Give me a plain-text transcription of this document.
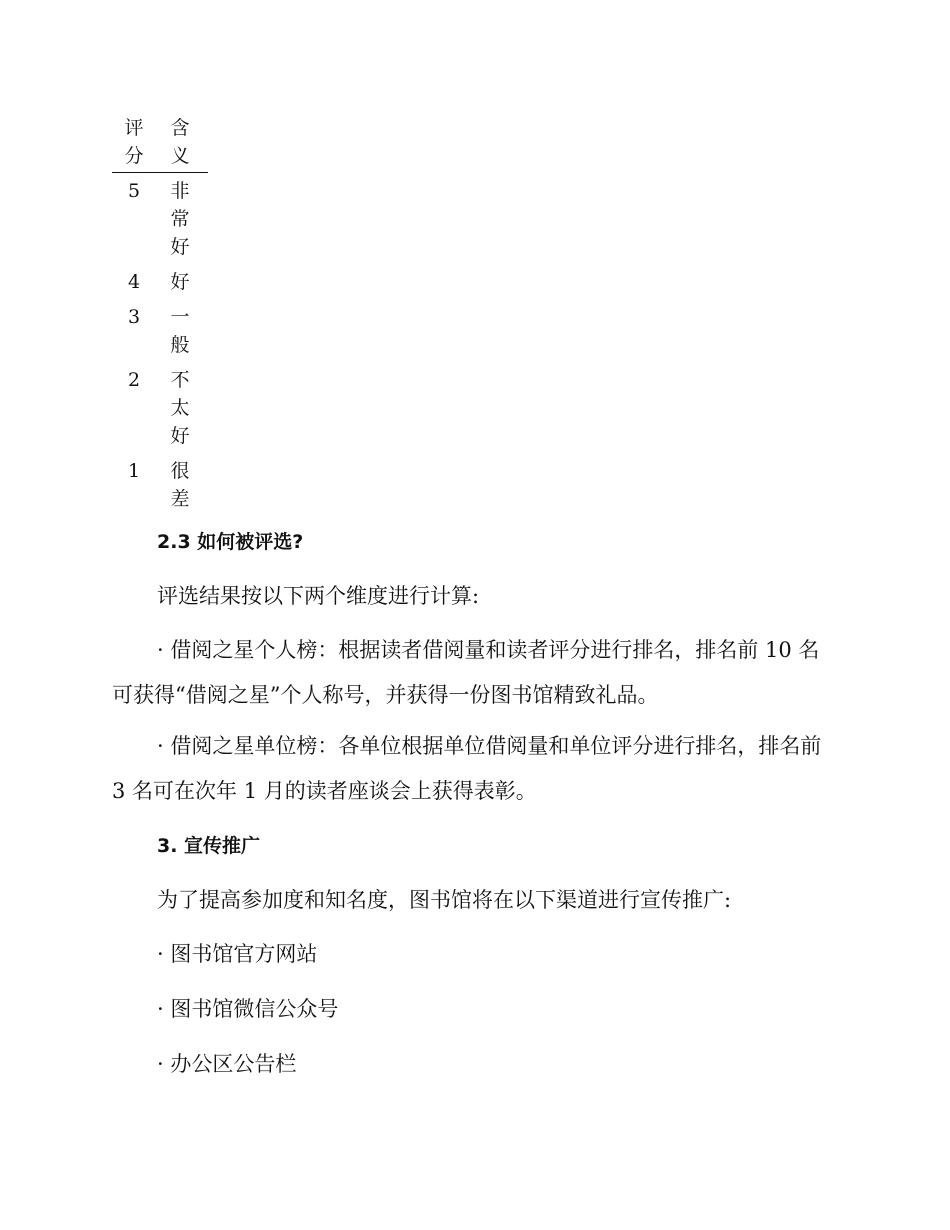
评分	含义

5	非常好

4	好

3	一般

2	不太好

1	很差
2.3 如何被评选?

评选结果按以下两个维度进行计算:

· 借阅之星个人榜：根据读者借阅量和读者评分进行排名，排名前 10 名可获得“借阅之星”个人称号，并获得一份图书馆精致礼品。

· 借阅之星单位榜：各单位根据单位借阅量和单位评分进行排名，排名前 3 名可在次年 1 月的读者座谈会上获得表彰。

3. 宣传推广

为了提高参加度和知名度，图书馆将在以下渠道进行宣传推广:

· 图书馆官方网站

· 图书馆微信公众号

· 办公区公告栏
